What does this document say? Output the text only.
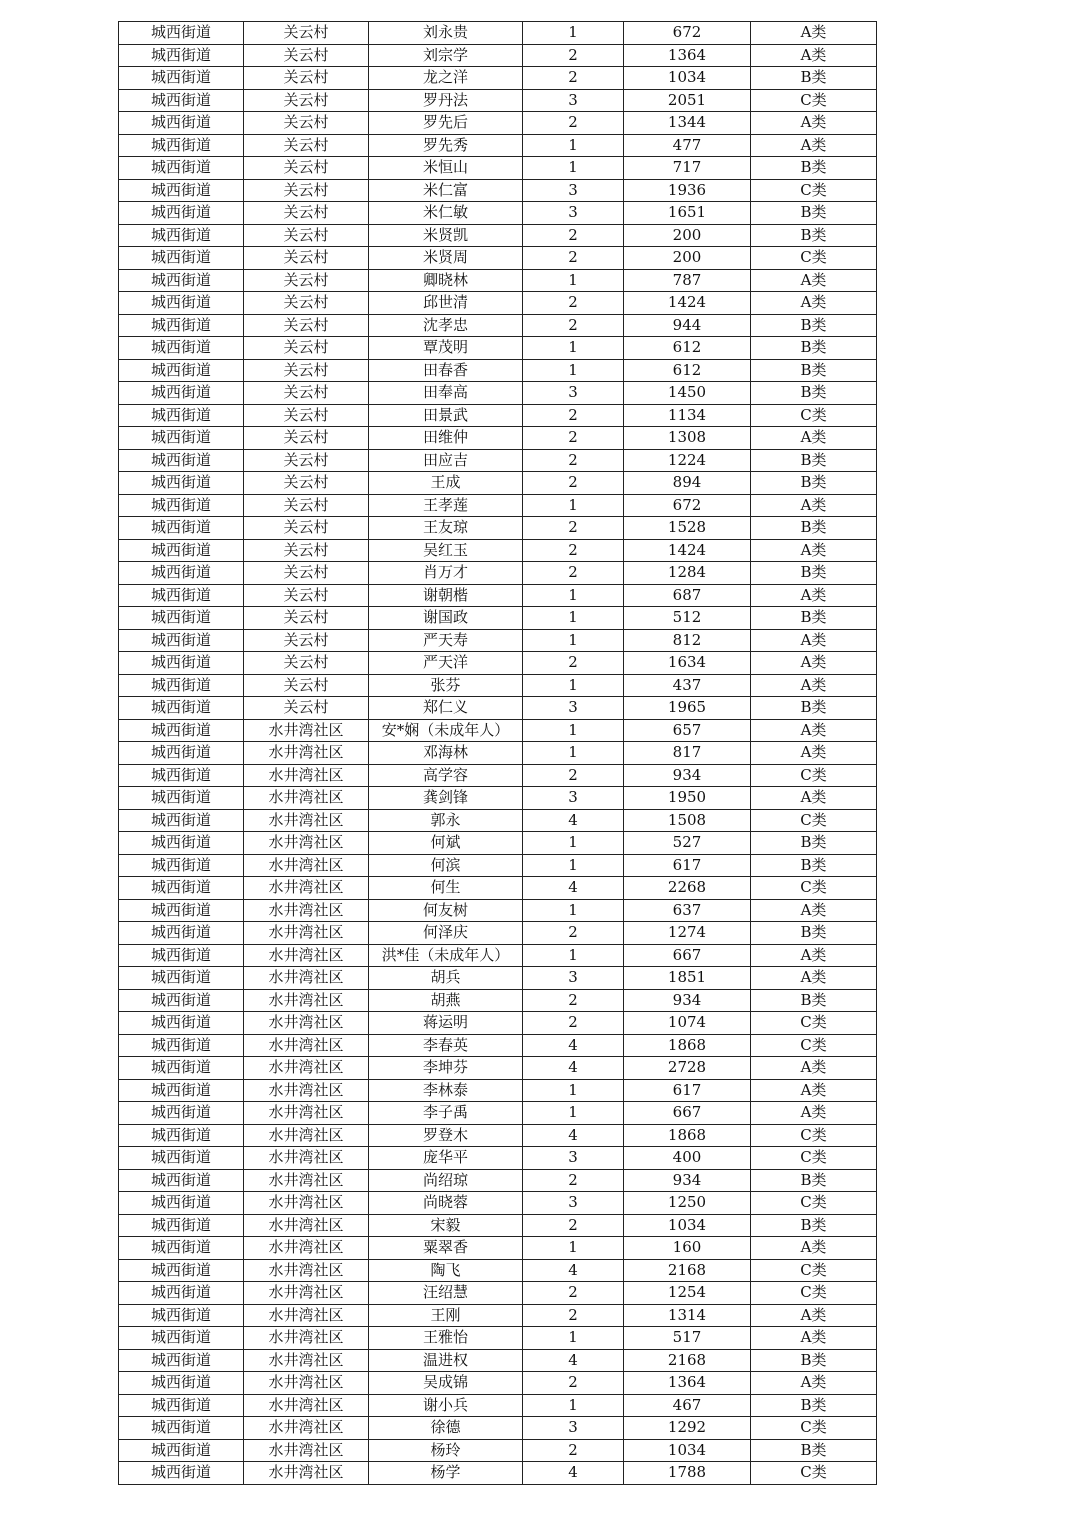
城西街道	关云村	刘永贵	1	672	A类
城西街道	关云村	刘宗学	2	1364	A类
城西街道	关云村	龙之洋	2	1034	B类
城西街道	关云村	罗丹法	3	2051	C类
城西街道	关云村	罗先后	2	1344	A类
城西街道	关云村	罗先秀	1	477	A类
城西街道	关云村	米恒山	1	717	B类
城西街道	关云村	米仁富	3	1936	C类
城西街道	关云村	米仁敏	3	1651	B类
城西街道	关云村	米贤凯	2	200	B类
城西街道	关云村	米贤周	2	200	C类
城西街道	关云村	卿晓林	1	787	A类
城西街道	关云村	邱世清	2	1424	A类
城西街道	关云村	沈孝忠	2	944	B类
城西街道	关云村	覃茂明	1	612	B类
城西街道	关云村	田春香	1	612	B类
城西街道	关云村	田奉高	3	1450	B类
城西街道	关云村	田景武	2	1134	C类
城西街道	关云村	田维仲	2	1308	A类
城西街道	关云村	田应吉	2	1224	B类
城西街道	关云村	王成	2	894	B类
城西街道	关云村	王孝莲	1	672	A类
城西街道	关云村	王友琼	2	1528	B类
城西街道	关云村	吴红玉	2	1424	A类
城西街道	关云村	肖万才	2	1284	B类
城西街道	关云村	谢朝楷	1	687	A类
城西街道	关云村	谢国政	1	512	B类
城西街道	关云村	严天寿	1	812	A类
城西街道	关云村	严天洋	2	1634	A类
城西街道	关云村	张芬	1	437	A类
城西街道	关云村	郑仁义	3	1965	B类
城西街道	水井湾社区	安*娴（未成年人）	1	657	A类
城西街道	水井湾社区	邓海林	1	817	A类
城西街道	水井湾社区	高学容	2	934	C类
城西街道	水井湾社区	龚剑锋	3	1950	A类
城西街道	水井湾社区	郭永	4	1508	C类
城西街道	水井湾社区	何斌	1	527	B类
城西街道	水井湾社区	何滨	1	617	B类
城西街道	水井湾社区	何生	4	2268	C类
城西街道	水井湾社区	何友树	1	637	A类
城西街道	水井湾社区	何泽庆	2	1274	B类
城西街道	水井湾社区	洪*佳（未成年人）	1	667	A类
城西街道	水井湾社区	胡兵	3	1851	A类
城西街道	水井湾社区	胡燕	2	934	B类
城西街道	水井湾社区	蒋运明	2	1074	C类
城西街道	水井湾社区	李春英	4	1868	C类
城西街道	水井湾社区	李坤芬	4	2728	A类
城西街道	水井湾社区	李林泰	1	617	A类
城西街道	水井湾社区	李子禹	1	667	A类
城西街道	水井湾社区	罗登木	4	1868	C类
城西街道	水井湾社区	庞华平	3	400	C类
城西街道	水井湾社区	尚绍琼	2	934	B类
城西街道	水井湾社区	尚晓蓉	3	1250	C类
城西街道	水井湾社区	宋毅	2	1034	B类
城西街道	水井湾社区	粟翠香	1	160	A类
城西街道	水井湾社区	陶飞	4	2168	C类
城西街道	水井湾社区	汪绍慧	2	1254	C类
城西街道	水井湾社区	王刚	2	1314	A类
城西街道	水井湾社区	王雅怡	1	517	A类
城西街道	水井湾社区	温进权	4	2168	B类
城西街道	水井湾社区	吴成锦	2	1364	A类
城西街道	水井湾社区	谢小兵	1	467	B类
城西街道	水井湾社区	徐德	3	1292	C类
城西街道	水井湾社区	杨玲	2	1034	B类
城西街道	水井湾社区	杨学	4	1788	C类
